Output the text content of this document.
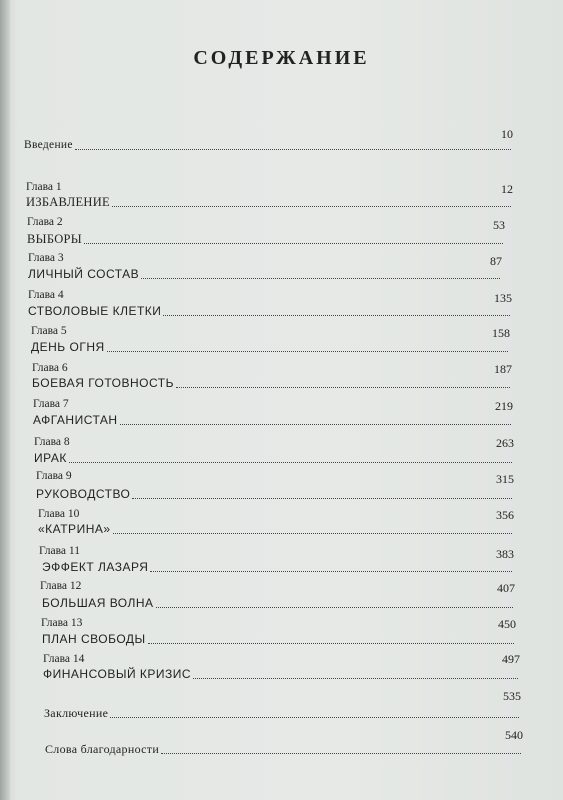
СОДЕРЖАНИЕ
Введение
10
Глава 1
ИЗБАВЛЕНИЕ
12
Глава 2
ВЫБОРЫ
53
Глава 3
ЛИЧНЫЙ СОСТАВ
87
Глава 4
СТВОЛОВЫЕ КЛЕТКИ
135
Глава 5
ДЕНЬ ОГНЯ
158
Глава 6
БОЕВАЯ ГОТОВНОСТЬ
187
Глава 7
АФГАНИСТАН
219
Глава 8
ИРАК
263
Глава 9
РУКОВОДСТВО
315
Глава 10
«КАТРИНА»
356
Глава 11
ЭФФЕКТ ЛАЗАРЯ
383
Глава 12
БОЛЬШАЯ ВОЛНА
407
Глава 13
ПЛАН СВОБОДЫ
450
Глава 14
ФИНАНСОВЫЙ КРИЗИС
497
Заключение
535
Слова благодарности
540
